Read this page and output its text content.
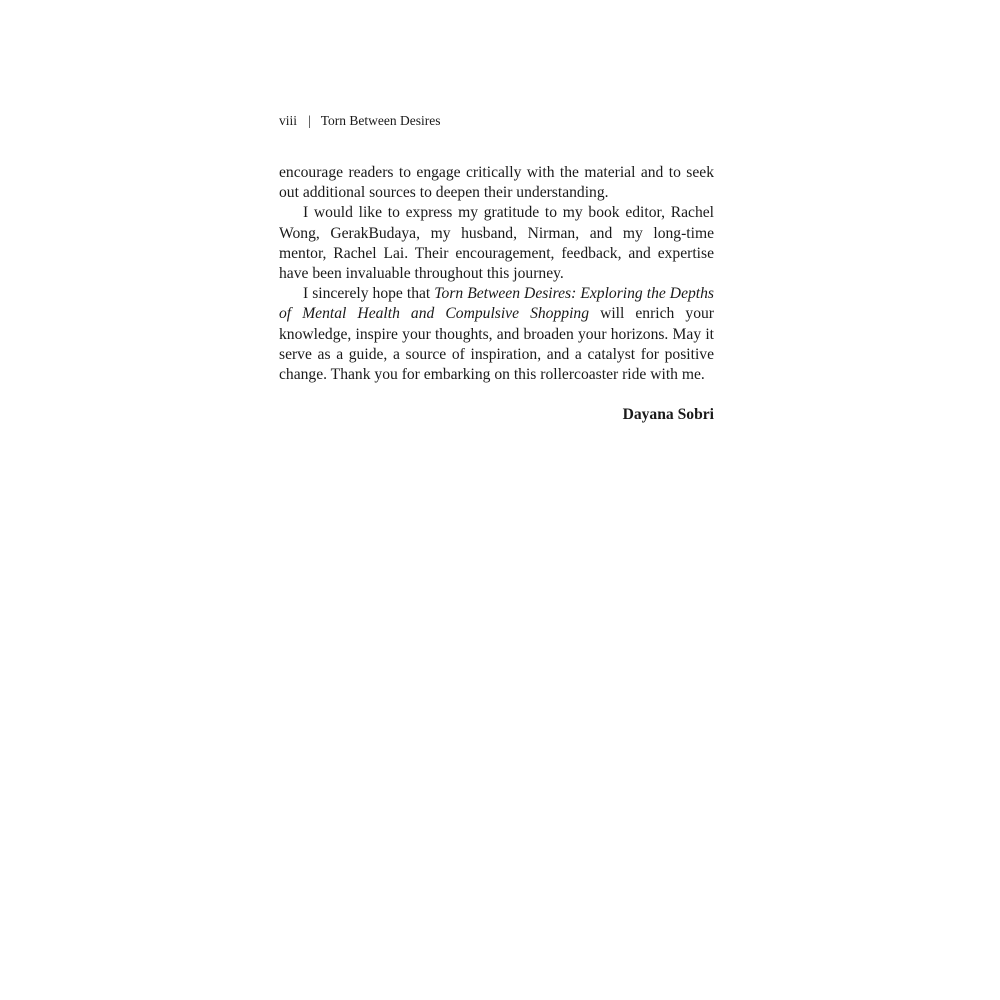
viii | Torn Between Desires

encourage readers to engage critically with the material and to seek out additional sources to deepen their understanding.

I would like to express my gratitude to my book editor, Rachel Wong, GerakBudaya, my husband, Nirman, and my long-time mentor, Rachel Lai. Their encouragement, feedback, and expertise have been invaluable throughout this journey.

I sincerely hope that Torn Between Desires: Exploring the Depths of Mental Health and Compulsive Shopping will enrich your knowledge, inspire your thoughts, and broaden your horizons. May it serve as a guide, a source of inspiration, and a catalyst for positive change. Thank you for embarking on this rollercoaster ride with me.

Dayana Sobri
